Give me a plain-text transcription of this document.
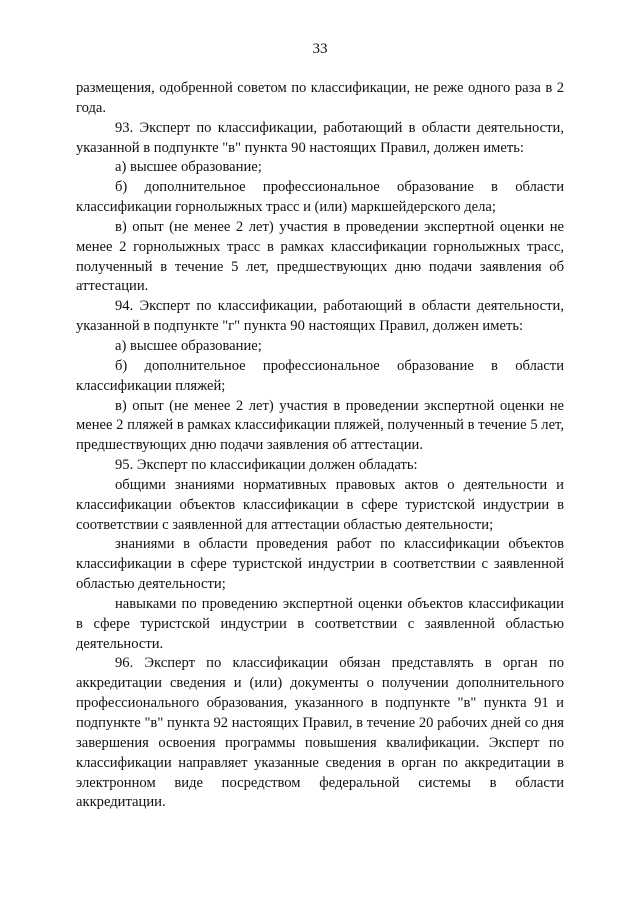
33

размещения, одобренной советом по классификации, не реже одного раза в 2 года.

93. Эксперт по классификации, работающий в области деятельности, указанной в подпункте "в" пункта 90 настоящих Правил, должен иметь:

а) высшее образование;

б) дополнительное профессиональное образование в области классификации горнолыжных трасс и (или) маркшейдерского дела;

в) опыт (не менее 2 лет) участия в проведении экспертной оценки не менее 2 горнолыжных трасс в рамках классификации горнолыжных трасс, полученный в течение 5 лет, предшествующих дню подачи заявления об аттестации.

94. Эксперт по классификации, работающий в области деятельности, указанной в подпункте "г" пункта 90 настоящих Правил, должен иметь:

а) высшее образование;

б) дополнительное профессиональное образование в области классификации пляжей;

в) опыт (не менее 2 лет) участия в проведении экспертной оценки не менее 2 пляжей в рамках классификации пляжей, полученный в течение 5 лет, предшествующих дню подачи заявления об аттестации.

95. Эксперт по классификации должен обладать:

общими знаниями нормативных правовых актов о деятельности и классификации объектов классификации в сфере туристской индустрии в соответствии с заявленной для аттестации областью деятельности;

знаниями в области проведения работ по классификации объектов классификации в сфере туристской индустрии в соответствии с заявленной областью деятельности;

навыками по проведению экспертной оценки объектов классификации в сфере туристской индустрии в соответствии с заявленной областью деятельности.

96. Эксперт по классификации обязан представлять в орган по аккредитации сведения и (или) документы о получении дополнительного профессионального образования, указанного в подпункте "в" пункта 91 и подпункте "в" пункта 92 настоящих Правил, в течение 20 рабочих дней со дня завершения освоения программы повышения квалификации. Эксперт по классификации направляет указанные сведения в орган по аккредитации в электронном виде посредством федеральной системы в области аккредитации.
